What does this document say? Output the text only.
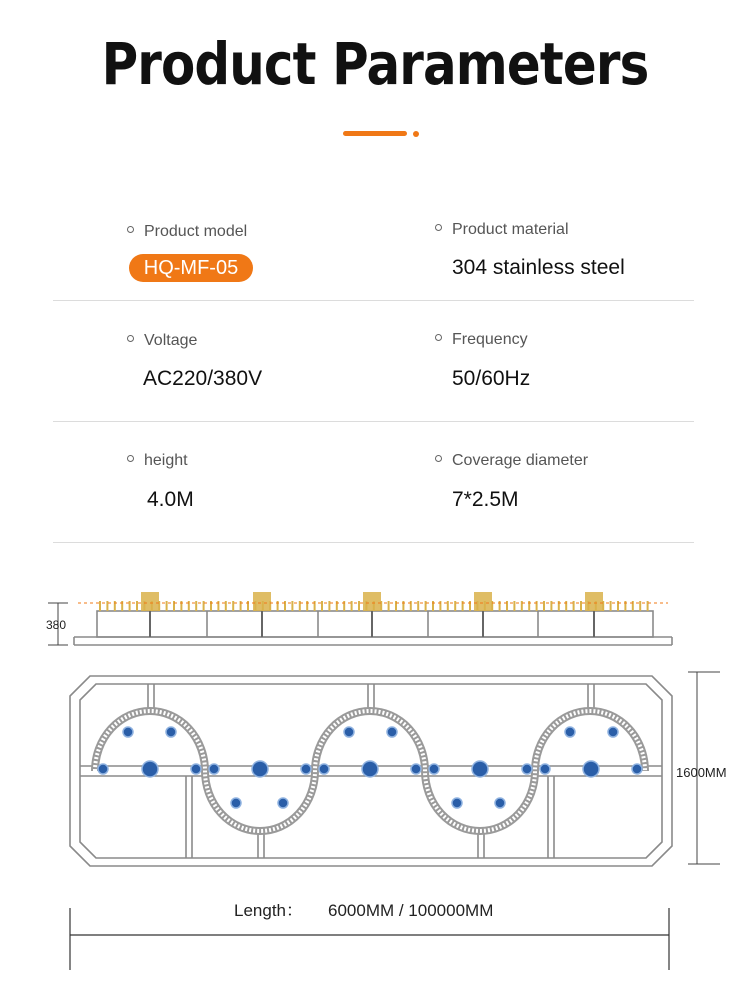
Product Parameters
Product model
HQ-MF-05
Product material
304 stainless steel
Voltage
AC220/380V
Frequency
50/60Hz
height
4.0M
Coverage diameter
7*2.5M
380
1600MM
Length： 6000MM / 100000MM
